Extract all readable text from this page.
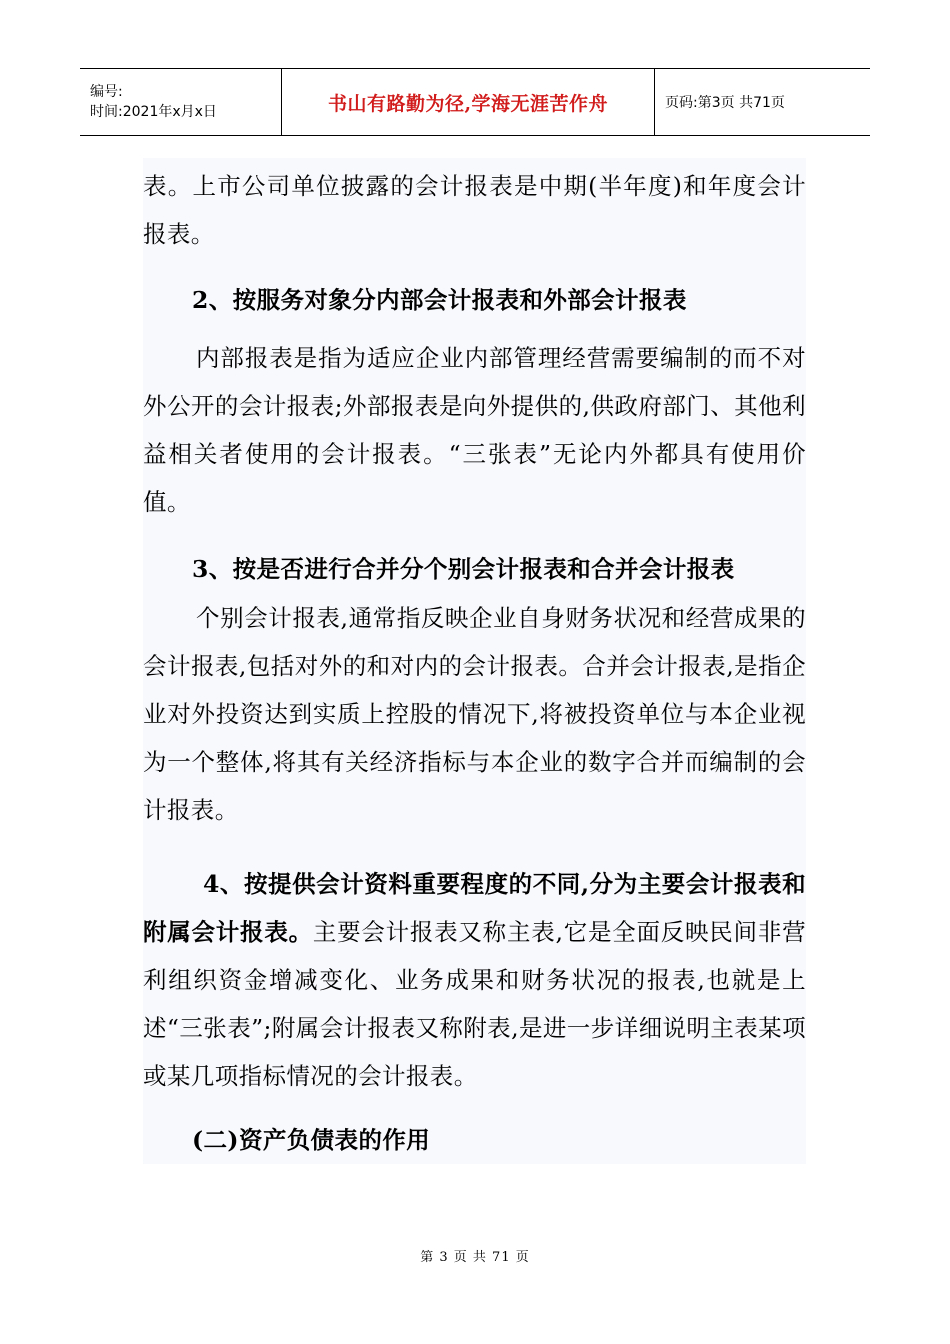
编号:
时间:2021年x月x日	书山有路勤为径,学海无涯苦作舟	页码:第3页 共71页

表。上市公司单位披露的会计报表是中期(半年度)和年度会计报表。

2、按服务对象分内部会计报表和外部会计报表

内部报表是指为适应企业内部管理经营需要编制的而不对外公开的会计报表;外部报表是向外提供的,供政府部门、其他利益相关者使用的会计报表。“三张表”无论内外都具有使用价值。

3、按是否进行合并分个别会计报表和合并会计报表

个别会计报表,通常指反映企业自身财务状况和经营成果的会计报表,包括对外的和对内的会计报表。合并会计报表,是指企业对外投资达到实质上控股的情况下,将被投资单位与本企业视为一个整体,将其有关经济指标与本企业的数字合并而编制的会计报表。

4、按提供会计资料重要程度的不同,分为主要会计报表和附属会计报表。主要会计报表又称主表,它是全面反映民间非营利组织资金增减变化、业务成果和财务状况的报表,也就是上述“三张表”;附属会计报表又称附表,是进一步详细说明主表某项或某几项指标情况的会计报表。

(二)资产负债表的作用

第 3 页 共 71 页
